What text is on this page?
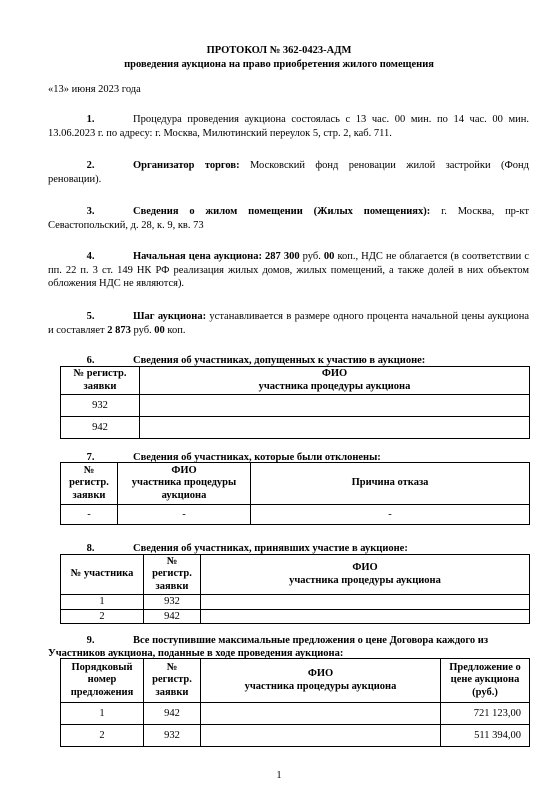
ПРОТОКОЛ № 362-0423-АДМ
проведения аукциона на право приобретения жилого помещения
«13» июня 2023 года
1.	Процедура проведения аукциона состоялась с 13 час. 00 мин. по 14 час. 00 мин. 13.06.2023 г. по адресу: г. Москва, Милютинский переулок 5, стр. 2, каб. 711.
2.	Организатор торгов: Московский фонд реновации жилой застройки (Фонд реновации).
3.	Сведения о жилом помещении (Жилых помещениях): г. Москва, пр-кт Севастопольский, д. 28, к. 9, кв. 73
4.	Начальная цена аукциона: 287 300 руб. 00 коп., НДС не облагается (в соответствии с пп. 22 п. 3 ст. 149 НК РФ реализация жилых домов, жилых помещений, а также долей в них объектом обложения НДС не являются).
5.	Шаг аукциона: устанавливается в размере одного процента начальной цены аукциона и составляет 2 873 руб. 00 коп.
6.	Сведения об участниках, допущенных к участию в аукционе:
№ регистр. заявки	ФИО
участника процедуры аукциона
932	
942	
7.	Сведения об участниках, которые были отклонены:
№ регистр. заявки	ФИО
участника процедуры аукциона	Причина отказа
-	-	-
8.	Сведения об участниках, принявших участие в аукционе:
№ участника	№ регистр. заявки	ФИО
участника процедуры аукциона
1	932	
2	942	
9.	Все поступившие максимальные предложения о цене Договора каждого из
Участников аукциона, поданные в ходе проведения аукциона:
Порядковый номер предложения	№ регистр. заявки	ФИО
участника процедуры аукциона	Предложение о цене аукциона (руб.)
1	942		721 123,00
2	932		511 394,00
1
